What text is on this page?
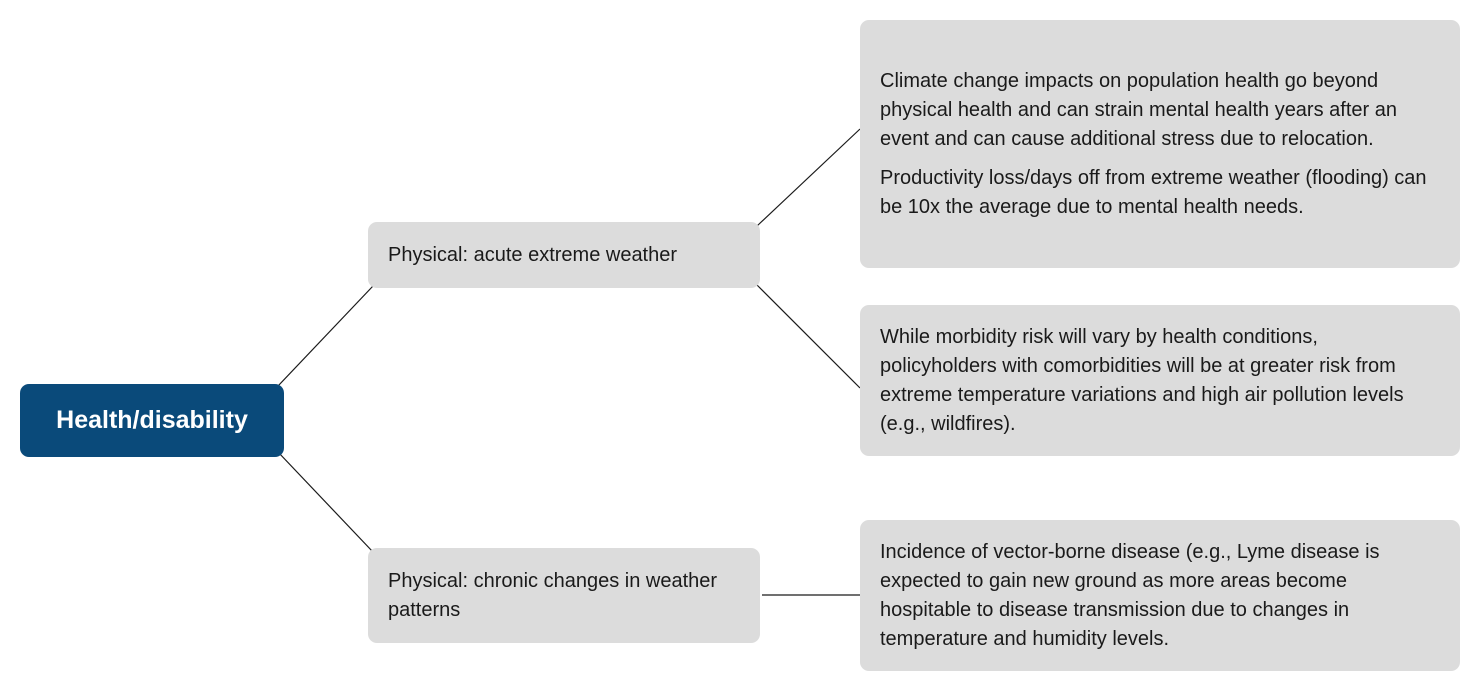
Health/disability
Physical: acute extreme weather
Physical: chronic changes in weather patterns

Climate change impacts on population health go beyond physical health and can strain mental health years after an event and can cause additional stress due to relocation.

Productivity loss/days off from extreme weather (flooding) can be 10x the average due to mental health needs.

While morbidity risk will vary by health conditions, policyholders with comorbidities will be at greater risk from extreme temperature variations and high air pollution levels (e.g., wildfires).

Incidence of vector-borne disease (e.g., Lyme disease is expected to gain new ground as more areas become hospitable to disease transmission due to changes in temperature and humidity levels.
